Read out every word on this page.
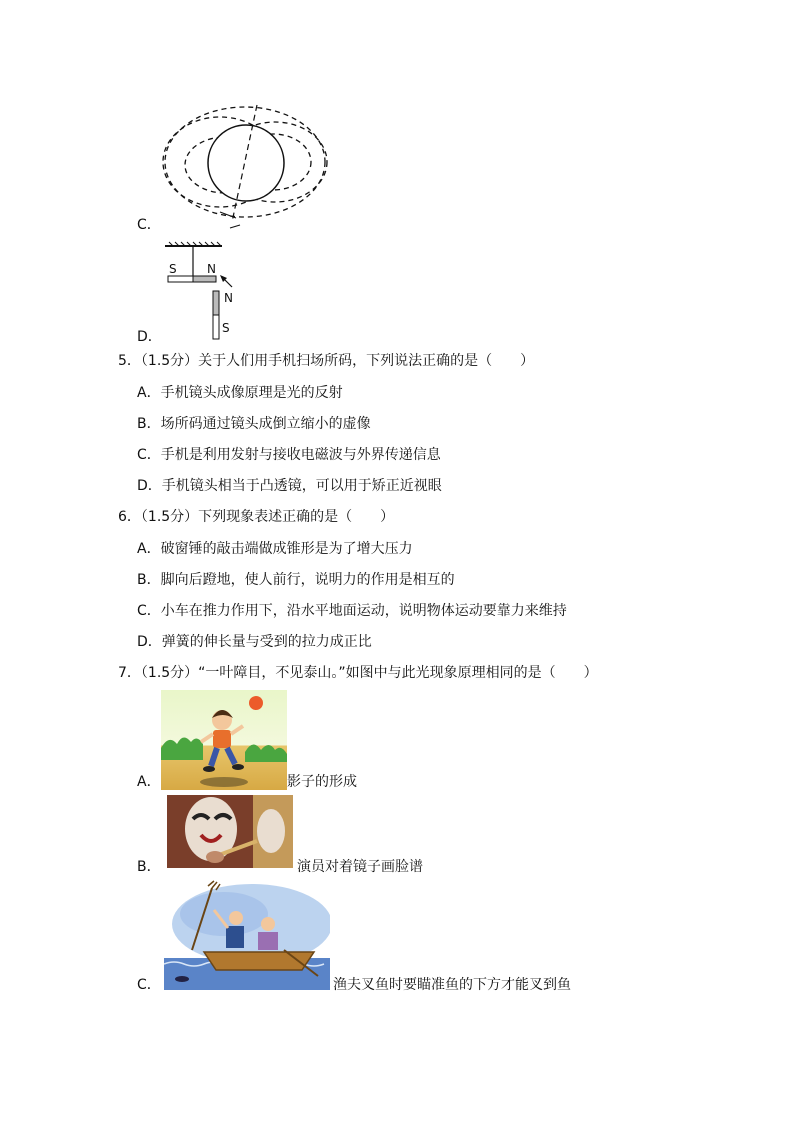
C．
S	N
N
S
D．
5．（1.5分）关于人们用手机扫场所码，下列说法正确的是（　　）
A．手机镜头成像原理是光的反射
B．场所码通过镜头成倒立缩小的虚像
C．手机是利用发射与接收电磁波与外界传递信息
D．手机镜头相当于凸透镜，可以用于矫正近视眼
6．（1.5分）下列现象表述正确的是（　　）
A．破窗锤的敲击端做成锥形是为了增大压力
B．脚向后蹬地，使人前行，说明力的作用是相互的
C．小车在推力作用下，沿水平地面运动，说明物体运动要靠力来维持
D．弹簧的伸长量与受到的拉力成正比
7．（1.5分）“一叶障目，不见泰山。”如图中与此光现象原理相同的是（　　）
A．	影子的形成
B．	演员对着镜子画脸谱
C．	渔夫叉鱼时要瞄准鱼的下方才能叉到鱼
